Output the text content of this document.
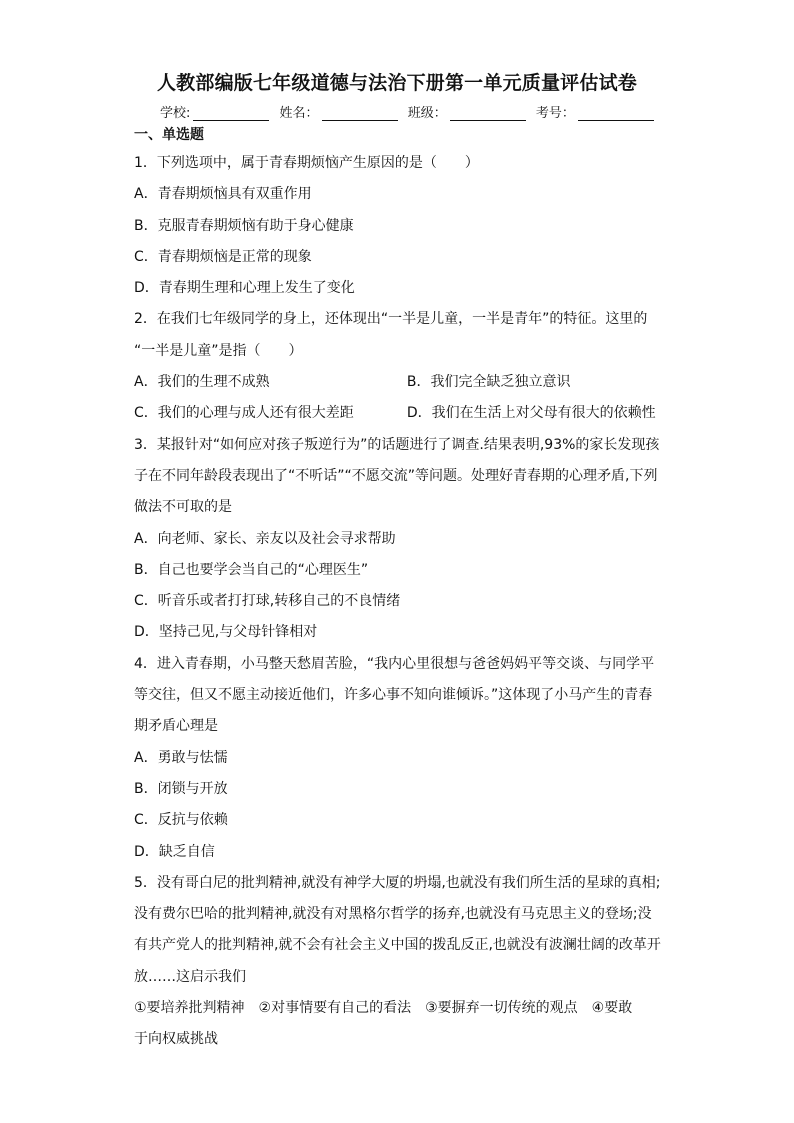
人教部编版七年级道德与法治下册第一单元质量评估试卷
学校:	姓名：	班级：	考号：
一、单选题
1．下列选项中，属于青春期烦恼产生原因的是（　　）
A．青春期烦恼具有双重作用
B．克服青春期烦恼有助于身心健康
C．青春期烦恼是正常的现象
D．青春期生理和心理上发生了变化
2．在我们七年级同学的身上，还体现出“一半是儿童，一半是青年”的特征。这里的
“一半是儿童”是指（　　）
A．我们的生理不成熟	B．我们完全缺乏独立意识
C．我们的心理与成人还有很大差距	D．我们在生活上对父母有很大的依赖性
3．某报针对“如何应对孩子叛逆行为”的话题进行了调查.结果表明,93%的家长发现孩
子在不同年龄段表现出了“不听话”“不愿交流”等问题。处理好青春期的心理矛盾,下列
做法不可取的是
A．向老师、家长、亲友以及社会寻求帮助
B．自己也要学会当自己的“心理医生”
C．听音乐或者打打球,转移自己的不良情绪
D．坚持己见,与父母针锋相对
4．进入青春期，小马整天愁眉苦脸，“我内心里很想与爸爸妈妈平等交谈、与同学平
等交往，但又不愿主动接近他们，许多心事不知向谁倾诉。”这体现了小马产生的青春
期矛盾心理是
A．勇敢与怯懦
B．闭锁与开放
C．反抗与依赖
D．缺乏自信
5．没有哥白尼的批判精神,就没有神学大厦的坍塌,也就没有我们所生活的星球的真相;
没有费尔巴哈的批判精神,就没有对黑格尔哲学的扬弃,也就没有马克思主义的登场;没
有共产党人的批判精神,就不会有社会主义中国的拨乱反正,也就没有波澜壮阔的改革开
放……这启示我们
①要培养批判精神　②对事情要有自己的看法　③要摒弃一切传统的观点　④要敢
于向权威挑战
